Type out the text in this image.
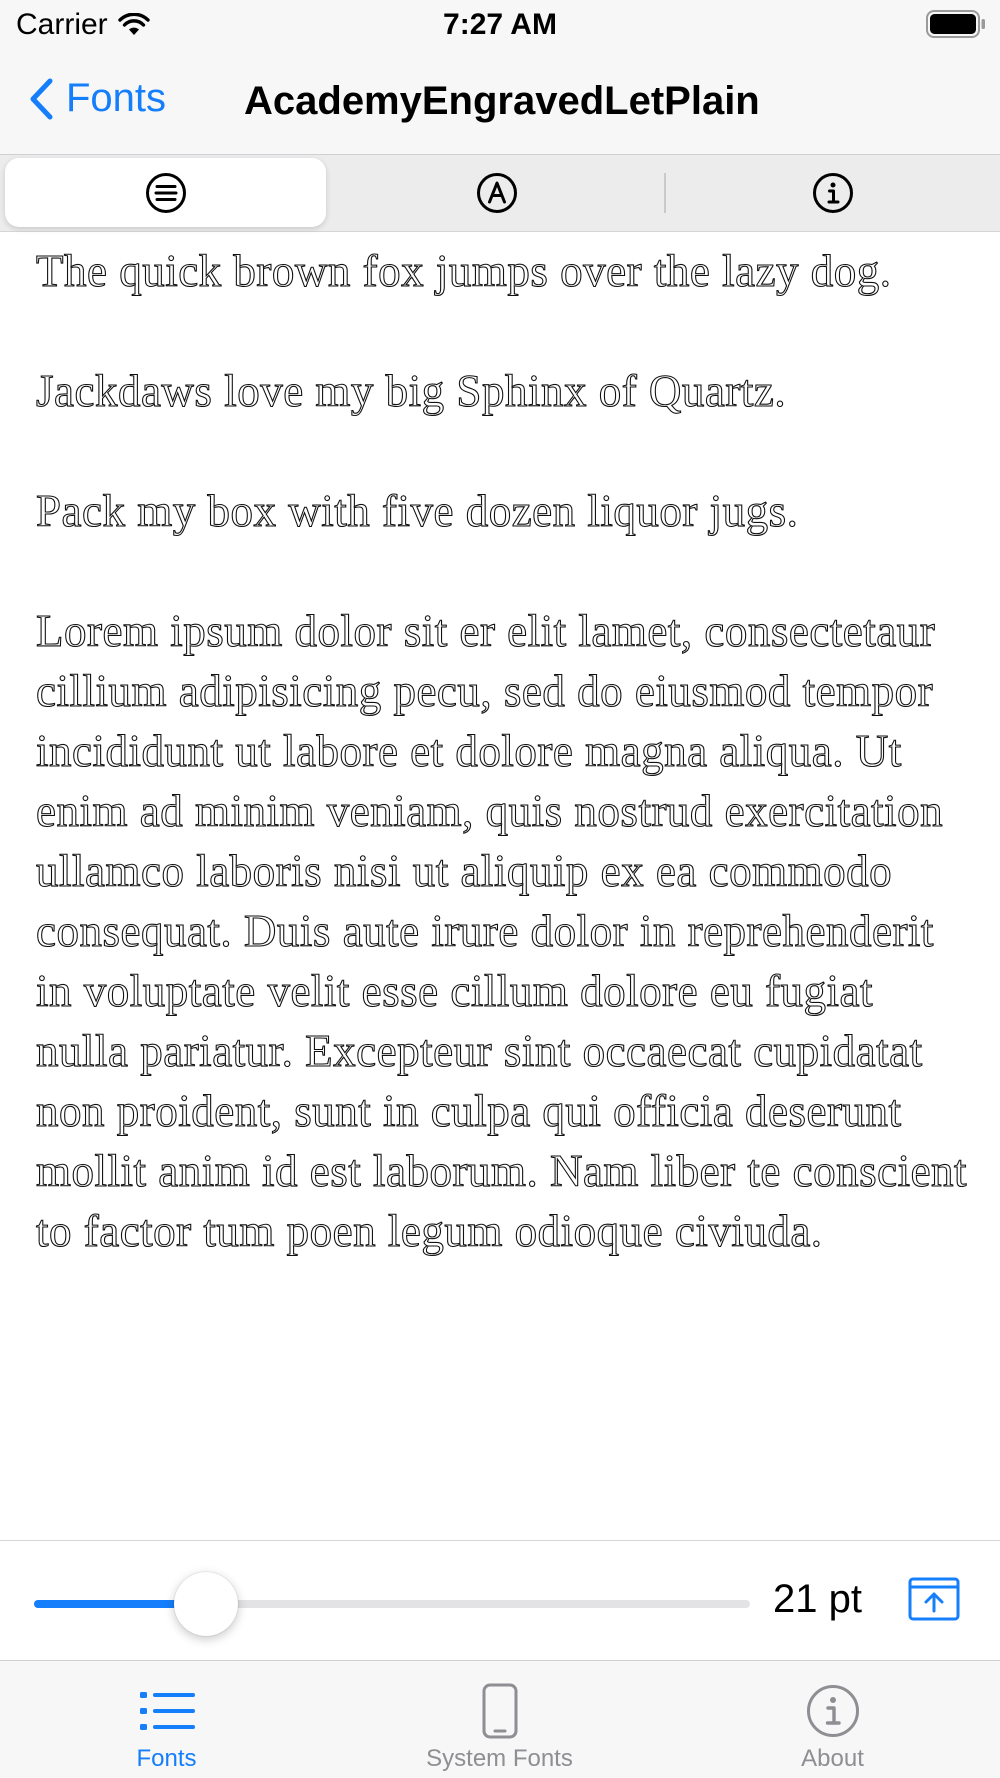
Carrier	7:27 AM
Fonts AcademyEngravedLetPlain

The quick brown fox jumps over the lazy dog.

Jackdaws love my big Sphinx of Quartz.

Pack my box with five dozen liquor jugs.

Lorem ipsum dolor sit er elit lamet, consectetaur cillium adipisicing pecu, sed do eiusmod tempor incididunt ut labore et dolore magna aliqua. Ut enim ad minim veniam, quis nostrud exercitation ullamco laboris nisi ut aliquip ex ea commodo consequat. Duis aute irure dolor in reprehenderit in voluptate velit esse cillum dolore eu fugiat nulla pariatur. Excepteur sint occaecat cupidatat non proident, sunt in culpa qui officia deserunt mollit anim id est laborum. Nam liber te conscient to factor tum poen legum odioque civiuda.

21 pt
Fonts	System Fonts	About
